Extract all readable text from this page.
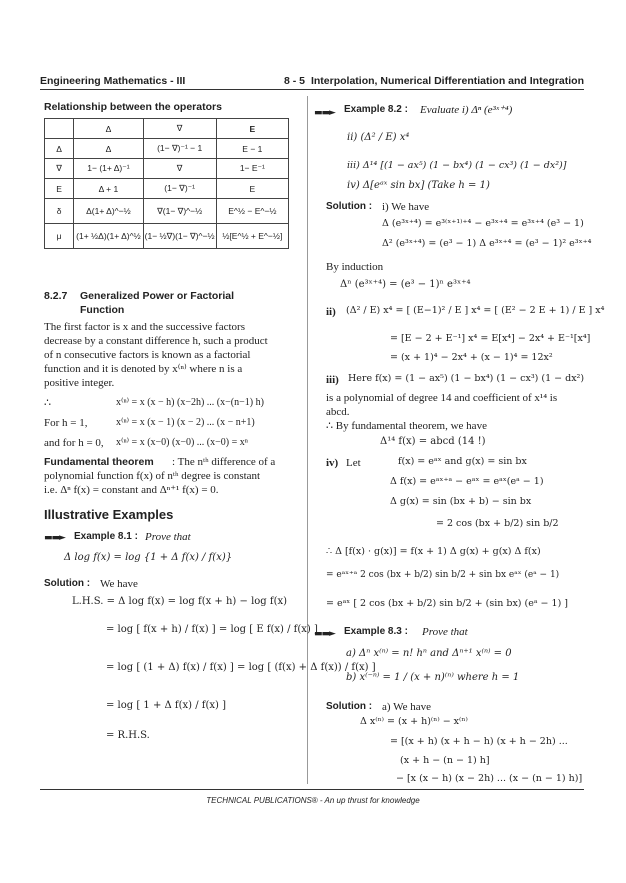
Engineering Mathematics - III	8 - 5 Interpolation, Numerical Differentiation and Integration
Relationship between the operators
	Δ	∇	E
Δ	Δ	(1− ∇)⁻¹ − 1	E − 1
∇	1− (1+ Δ)⁻¹	∇	1− E⁻¹
E	Δ + 1	(1− ∇)⁻¹	E
δ	Δ(1+ Δ)^−½	∇(1− ∇)^−½	E^½ − E^−½
μ	(1+ ½Δ)(1+ Δ)^½	(1− ½∇)(1− ∇)^−½	½[E^½ + E^−½]
8.2.7 Generalized Power or Factorial
Function
The first factor is x and the successive factors
decrease by a constant difference h, such a product
of n consecutive factors is known as a factorial
function and it is denoted by x⁽ⁿ⁾ where n is a
positive integer.
∴	x⁽ⁿ⁾ = x (x − h) (x−2h) ... (x−(n−1) h)
For h = 1,	x⁽ⁿ⁾ = x (x − 1) (x − 2) ... (x − n+1)
and for h = 0, x⁽ⁿ⁾ = x (x−0) (x−0) ... (x−0) = xⁿ
Fundamental theorem : The nᵗʰ difference of a
polynomial function f(x) of nᵗʰ degree is constant
i.e. Δⁿ f(x) = constant and Δⁿ⁺¹ f(x) = 0.
Illustrative Examples
▬▬► Example 8.1 : Prove that
Δ log f(x) = log {1 + Δ f(x) / f(x)}
Solution : We have
L.H.S. = Δ log f(x) = log f(x + h) − log f(x)
= log [ f(x + h) / f(x) ] = log [ E f(x) / f(x) ]
= log [ (1 + Δ) f(x) / f(x) ] = log [ (f(x) + Δ f(x)) / f(x) ]
= log [ 1 + Δ f(x) / f(x) ]
= R.H.S.
▬▬► Example 8.2 : Evaluate i) Δⁿ (e³ˣ⁺⁴)
ii) (Δ² / E) x⁴
iii) Δ¹⁴ [(1 − ax⁵) (1 − bx⁴) (1 − cx³) (1 − dx²)]
iv) Δ[eᵃˣ sin bx] (Take h = 1)
Solution : i) We have
Δ (e³ˣ⁺⁴) = e³⁽ˣ⁺¹⁾⁺⁴ − e³ˣ⁺⁴ = e³ˣ⁺⁴ (e³ − 1)
Δ² (e³ˣ⁺⁴) = (e³ − 1) Δ e³ˣ⁺⁴ = (e³ − 1)² e³ˣ⁺⁴
By induction
Δⁿ (e³ˣ⁺⁴) = (e³ − 1)ⁿ e³ˣ⁺⁴
ii) (Δ² / E) x⁴ = [ (E−1)² / E ] x⁴ = [ (E² − 2 E + 1) / E ] x⁴
= [E − 2 + E⁻¹] x⁴ = E[x⁴] − 2x⁴ + E⁻¹[x⁴]
= (x + 1)⁴ − 2x⁴ + (x − 1)⁴ = 12x²
iii) Here f(x) = (1 − ax⁵) (1 − bx⁴) (1 − cx³) (1 − dx²)
is a polynomial of degree 14 and coefficient of x¹⁴ is
abcd.
∴ By fundamental theorem, we have
Δ¹⁴ f(x) = abcd (14 !)
iv) Let	f(x) = eᵃˣ and g(x) = sin bx
Δ f(x) = eᵃˣ⁺ᵃ − eᵃˣ = eᵃˣ(eᵃ − 1)
Δ g(x) = sin (bx + b) − sin bx
= 2 cos (bx + b/2) sin b/2
∴ Δ [f(x) · g(x)] = f(x + 1) Δ g(x) + g(x) Δ f(x)
= eᵃˣ⁺ᵃ 2 cos (bx + b/2) sin b/2 + sin bx eᵃˣ (eᵃ − 1)
= eᵃˣ [ 2 cos (bx + b/2) sin b/2 + (sin bx) (eᵃ − 1) ]
▬▬► Example 8.3 : Prove that
a) Δⁿ x⁽ⁿ⁾ = n! hⁿ and Δⁿ⁺¹ x⁽ⁿ⁾ = 0
b) x⁽⁻ⁿ⁾ = 1 / (x + n)⁽ⁿ⁾ where h = 1
Solution : a) We have
Δ x⁽ⁿ⁾ = (x + h)⁽ⁿ⁾ − x⁽ⁿ⁾
= [(x + h) (x + h − h) (x + h − 2h) ...
(x + h − (n − 1) h]
− [x (x − h) (x − 2h) ... (x − (n − 1) h)]
TECHNICAL PUBLICATIONS® - An up thrust for knowledge
